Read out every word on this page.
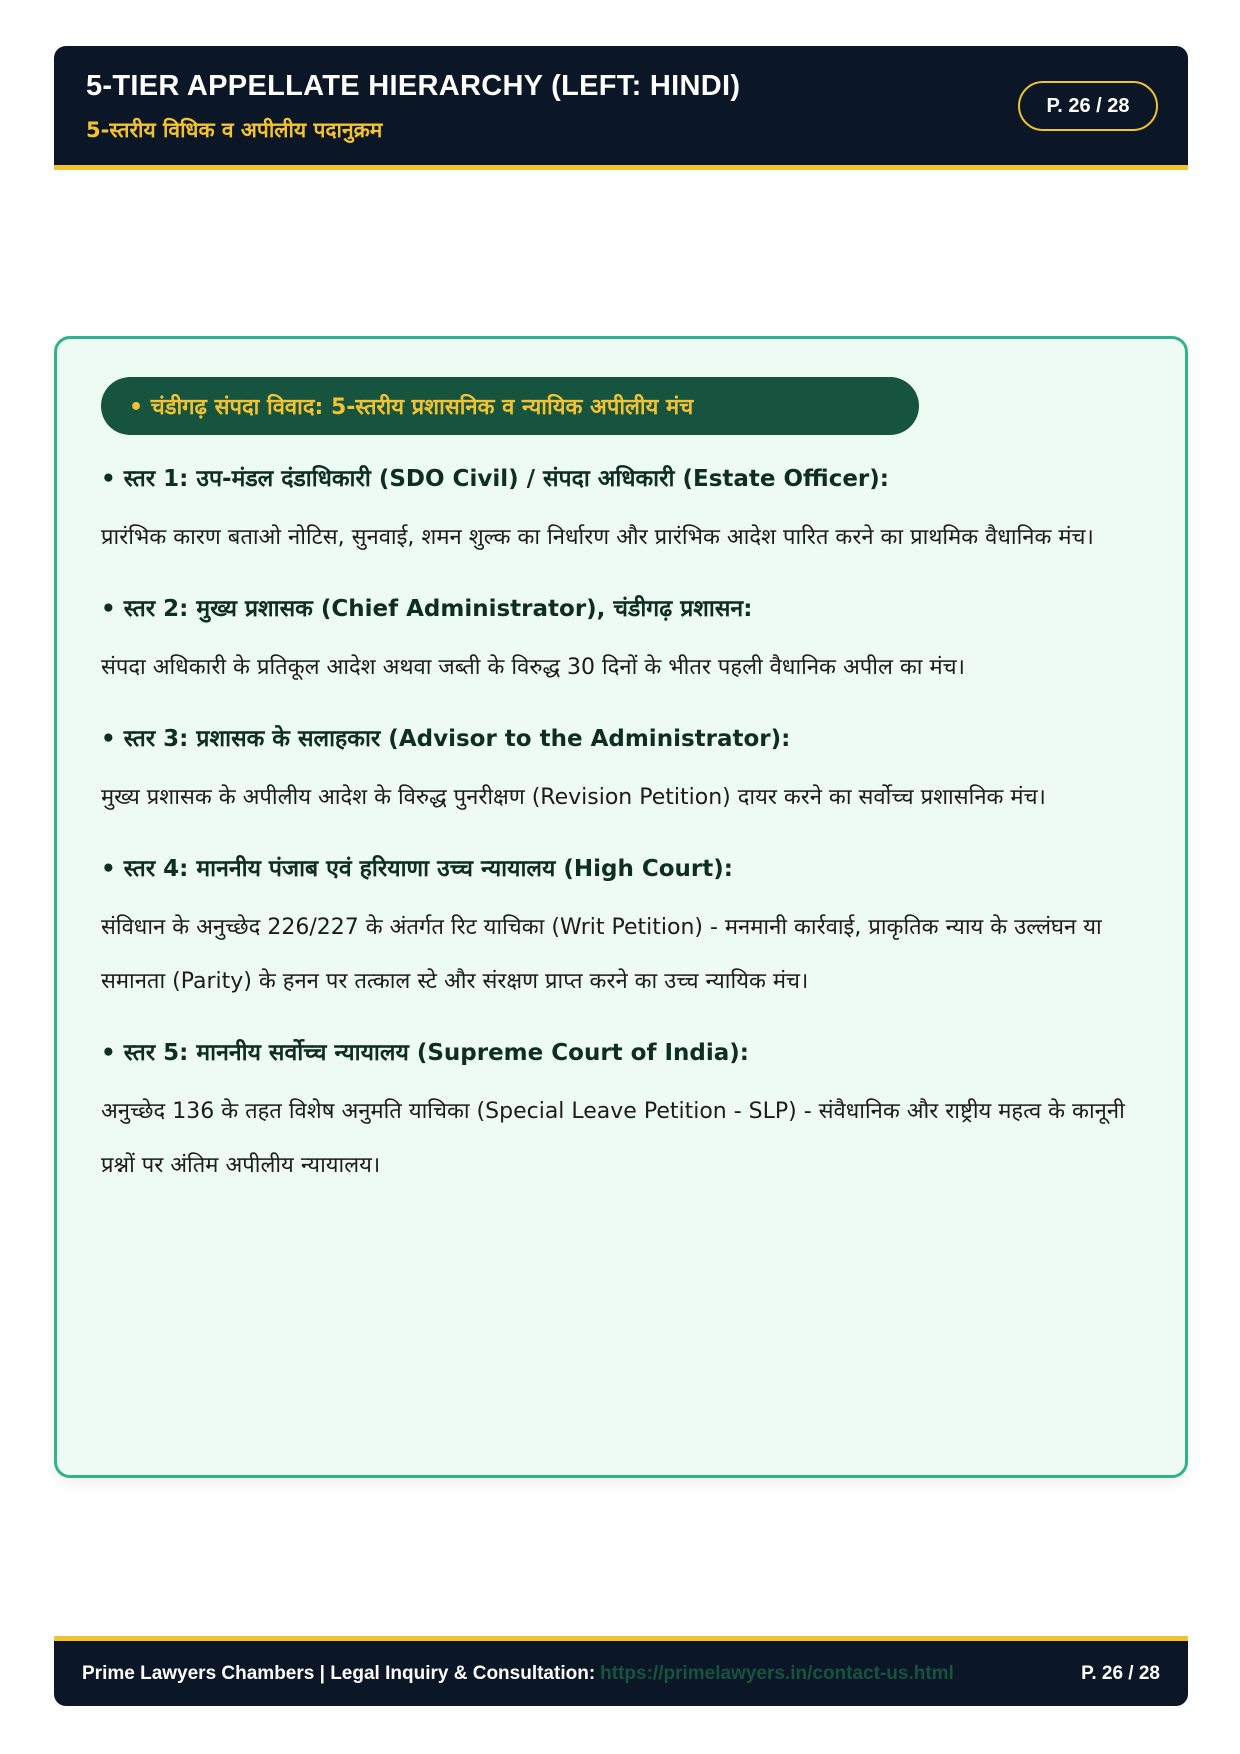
5-TIER APPELLATE HIERARCHY (LEFT: HINDI)
5-स्तरीय विधिक व अपीलीय पदानुक्रम
P. 26 / 28
• चंडीगढ़ संपदा विवाद: 5-स्तरीय प्रशासनिक व न्यायिक अपीलीय मंच
• स्तर 1: उप-मंडल दंडाधिकारी (SDO Civil) / संपदा अधिकारी (Estate Officer):
प्रारंभिक कारण बताओ नोटिस, सुनवाई, शमन शुल्क का निर्धारण और प्रारंभिक आदेश पारित करने का प्राथमिक वैधानिक मंच।
• स्तर 2: मुख्य प्रशासक (Chief Administrator), चंडीगढ़ प्रशासन:
संपदा अधिकारी के प्रतिकूल आदेश अथवा जब्ती के विरुद्ध 30 दिनों के भीतर पहली वैधानिक अपील का मंच।
• स्तर 3: प्रशासक के सलाहकार (Advisor to the Administrator):
मुख्य प्रशासक के अपीलीय आदेश के विरुद्ध पुनरीक्षण (Revision Petition) दायर करने का सर्वोच्च प्रशासनिक मंच।
• स्तर 4: माननीय पंजाब एवं हरियाणा उच्च न्यायालय (High Court):
संविधान के अनुच्छेद 226/227 के अंतर्गत रिट याचिका (Writ Petition) - मनमानी कार्रवाई, प्राकृतिक न्याय के उल्लंघन या समानता (Parity) के हनन पर तत्काल स्टे और संरक्षण प्राप्त करने का उच्च न्यायिक मंच।
• स्तर 5: माननीय सर्वोच्च न्यायालय (Supreme Court of India):
अनुच्छेद 136 के तहत विशेष अनुमति याचिका (Special Leave Petition - SLP) - संवैधानिक और राष्ट्रीय महत्व के कानूनी प्रश्नों पर अंतिम अपीलीय न्यायालय।
Prime Lawyers Chambers | Legal Inquiry & Consultation: https://primelawyers.in/contact-us.html	P. 26 / 28
